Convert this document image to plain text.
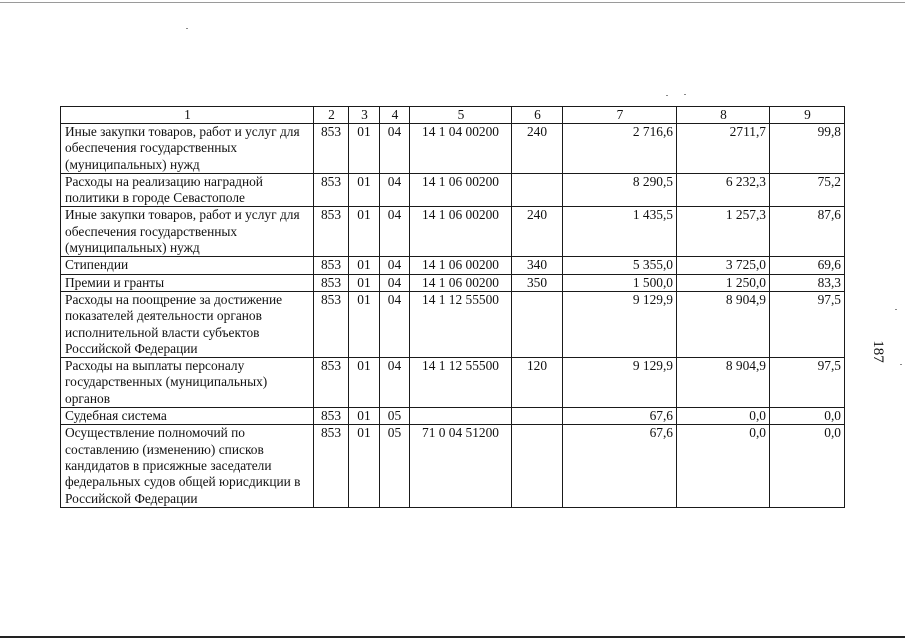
1	2	3	4	5	6	7	8	9
Иные закупки товаров, работ и услуг для обеспечения государственных (муниципальных) нужд	853	01	04	14 1 04 00200	240	2 716,6	2711,7	99,8
Расходы на реализацию наградной политики в городе Севастополе	853	01	04	14 1 06 00200		8 290,5	6 232,3	75,2
Иные закупки товаров, работ и услуг для обеспечения государственных (муниципальных) нужд	853	01	04	14 1 06 00200	240	1 435,5	1 257,3	87,6
Стипендии	853	01	04	14 1 06 00200	340	5 355,0	3 725,0	69,6
Премии и гранты	853	01	04	14 1 06 00200	350	1 500,0	1 250,0	83,3
Расходы на поощрение за достижение показателей деятельности органов исполнительной власти субъектов Российской Федерации	853	01	04	14 1 12 55500		9 129,9	8 904,9	97,5
Расходы на выплаты персоналу государственных (муниципальных) органов	853	01	04	14 1 12 55500	120	9 129,9	8 904,9	97,5
Судебная система	853	01	05			67,6	0,0	0,0
Осуществление полномочий по составлению (изменению) списков кандидатов в присяжные заседатели федеральных судов общей юрисдикции в Российской Федерации	853	01	05	71 0 04 51200		67,6	0,0	0,0
187
